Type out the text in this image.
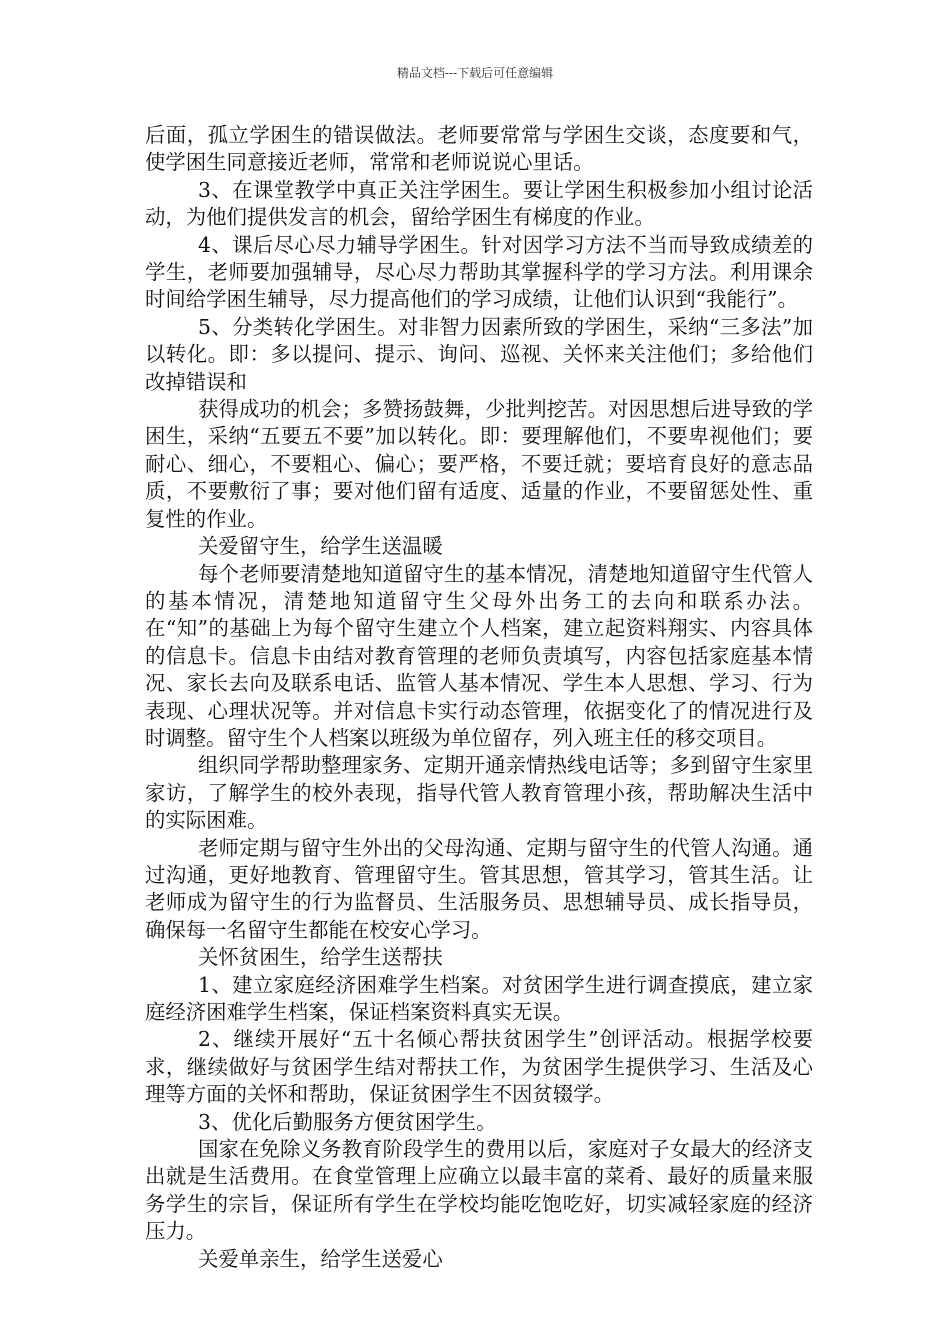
精品文档---下载后可任意编辑

后面，孤立学困生的错误做法。老师要常常与学困生交谈，态度要和气，使学困生同意接近老师，常常和老师说说心里话。

3、在课堂教学中真正关注学困生。要让学困生积极参加小组讨论活动，为他们提供发言的机会，留给学困生有梯度的作业。

4、课后尽心尽力辅导学困生。针对因学习方法不当而导致成绩差的学生，老师要加强辅导，尽心尽力帮助其掌握科学的学习方法。利用课余时间给学困生辅导，尽力提高他们的学习成绩，让他们认识到“我能行”。

5、分类转化学困生。对非智力因素所致的学困生，采纳“三多法”加以转化。即：多以提问、提示、询问、巡视、关怀来关注他们；多给他们改掉错误和

获得成功的机会；多赞扬鼓舞，少批判挖苦。对因思想后进导致的学困生，采纳“五要五不要”加以转化。即：要理解他们，不要卑视他们；要耐心、细心，不要粗心、偏心；要严格，不要迁就；要培育良好的意志品质，不要敷衍了事；要对他们留有适度、适量的作业，不要留惩处性、重复性的作业。

关爱留守生，给学生送温暖

每个老师要清楚地知道留守生的基本情况，清楚地知道留守生代管人的基本情况，清楚地知道留守生父母外出务工的去向和联系办法。在“知”的基础上为每个留守生建立个人档案，建立起资料翔实、内容具体的信息卡。信息卡由结对教育管理的老师负责填写，内容包括家庭基本情况、家长去向及联系电话、监管人基本情况、学生本人思想、学习、行为表现、心理状况等。并对信息卡实行动态管理，依据变化了的情况进行及时调整。留守生个人档案以班级为单位留存，列入班主任的移交项目。

组织同学帮助整理家务、定期开通亲情热线电话等；多到留守生家里家访，了解学生的校外表现，指导代管人教育管理小孩，帮助解决生活中的实际困难。

老师定期与留守生外出的父母沟通、定期与留守生的代管人沟通。通过沟通，更好地教育、管理留守生。管其思想，管其学习，管其生活。让老师成为留守生的行为监督员、生活服务员、思想辅导员、成长指导员，确保每一名留守生都能在校安心学习。

关怀贫困生，给学生送帮扶

1、建立家庭经济困难学生档案。对贫困学生进行调查摸底，建立家庭经济困难学生档案，保证档案资料真实无误。

2、继续开展好“五十名倾心帮扶贫困学生”创评活动。根据学校要求，继续做好与贫困学生结对帮扶工作，为贫困学生提供学习、生活及心理等方面的关怀和帮助，保证贫困学生不因贫辍学。

3、优化后勤服务方便贫困学生。

国家在免除义务教育阶段学生的费用以后，家庭对子女最大的经济支出就是生活费用。在食堂管理上应确立以最丰富的菜肴、最好的质量来服务学生的宗旨，保证所有学生在学校均能吃饱吃好，切实减轻家庭的经济压力。

关爱单亲生，给学生送爱心
